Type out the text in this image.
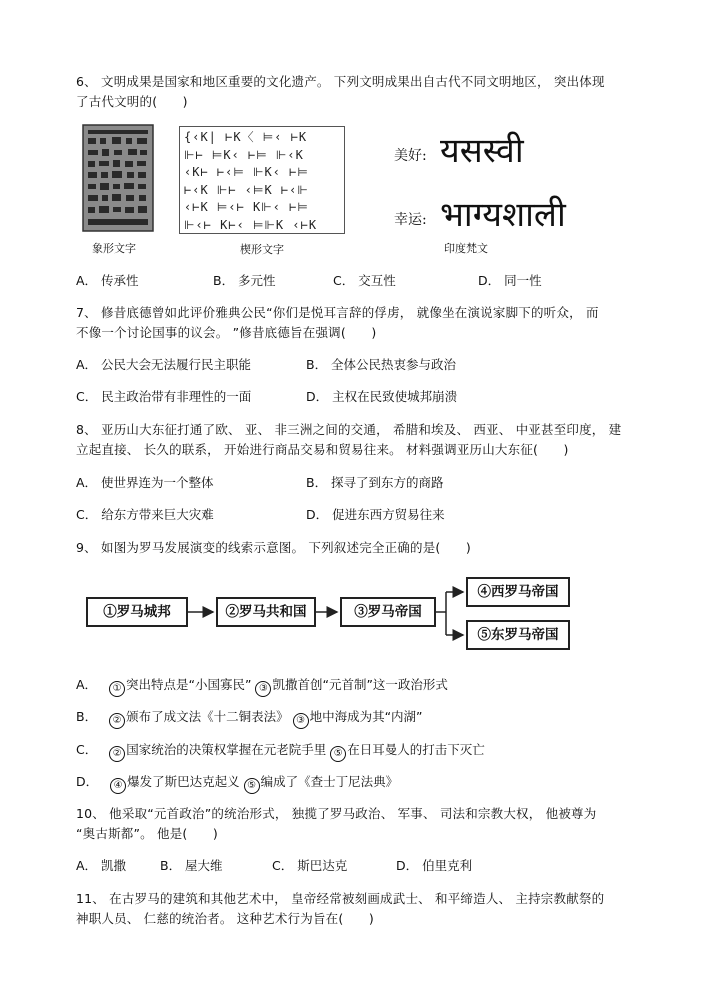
6、 文明成果是国家和地区重要的文化遗产。 下列文明成果出自古代不同文明地区， 突出体现
了古代文明的(　　)
象形文字
{‹K| ⊢K〈 ⊨‹ ⊢K
⊩⊢ ⊨K‹ ⊢⊨ ⊩‹K
‹K⊢ ⊢‹⊨ ⊩K‹ ⊢⊨
⊢‹K ⊩⊢ ‹⊨K ⊢‹⊩
‹⊢K ⊨‹⊢ K⊩‹ ⊢⊨
⊩‹⊢ K⊢‹ ⊨⊩K ‹⊢K
楔形文字
美好: यसस्वी
幸运: भाग्यशाली
印度梵文
A． 传承性	B． 多元性	C． 交互性	D． 同一性
7、 修昔底德曾如此评价雅典公民“你们是悦耳言辞的俘虏， 就像坐在演说家脚下的听众， 而
不像一个讨论国事的议会。 ”修昔底德旨在强调(　　)
A． 公民大会无法履行民主职能	B． 全体公民热衷参与政治
C． 民主政治带有非理性的一面	D． 主权在民致使城邦崩溃
8、 亚历山大东征打通了欧、 亚、 非三洲之间的交通， 希腊和埃及、 西亚、 中亚甚至印度， 建
立起直接、 长久的联系， 开始进行商品交易和贸易往来。 材料强调亚历山大东征(　　)
A． 使世界连为一个整体	B． 探寻了到东方的商路
C． 给东方带来巨大灾难	D． 促进东西方贸易往来
9、 如图为罗马发展演变的线索示意图。 下列叙述完全正确的是(　　)
①罗马城邦	②罗马共和国	③罗马帝国
④西罗马帝国
⑤东罗马帝国
A． ① 突出特点是“小国寡民” ③ 凯撒首创“元首制”这一政治形式
B． ② 颁布了成文法《十二铜表法》 ③ 地中海成为其“内湖”
C． ② 国家统治的决策权掌握在元老院手里 ⑤ 在日耳曼人的打击下灭亡
D． ④ 爆发了斯巴达克起义 ⑤ 编成了《查士丁尼法典》
10、 他采取“元首政治”的统治形式， 独揽了罗马政治、 军事、 司法和宗教大权， 他被尊为
“奥古斯都”。 他是(　　)
A． 凯撒	B． 屋大维	C． 斯巴达克	D． 伯里克利
11、 在古罗马的建筑和其他艺术中， 皇帝经常被刻画成武士、 和平缔造人、 主持宗教献祭的
神职人员、 仁慈的统治者。 这种艺术行为旨在(　　)
